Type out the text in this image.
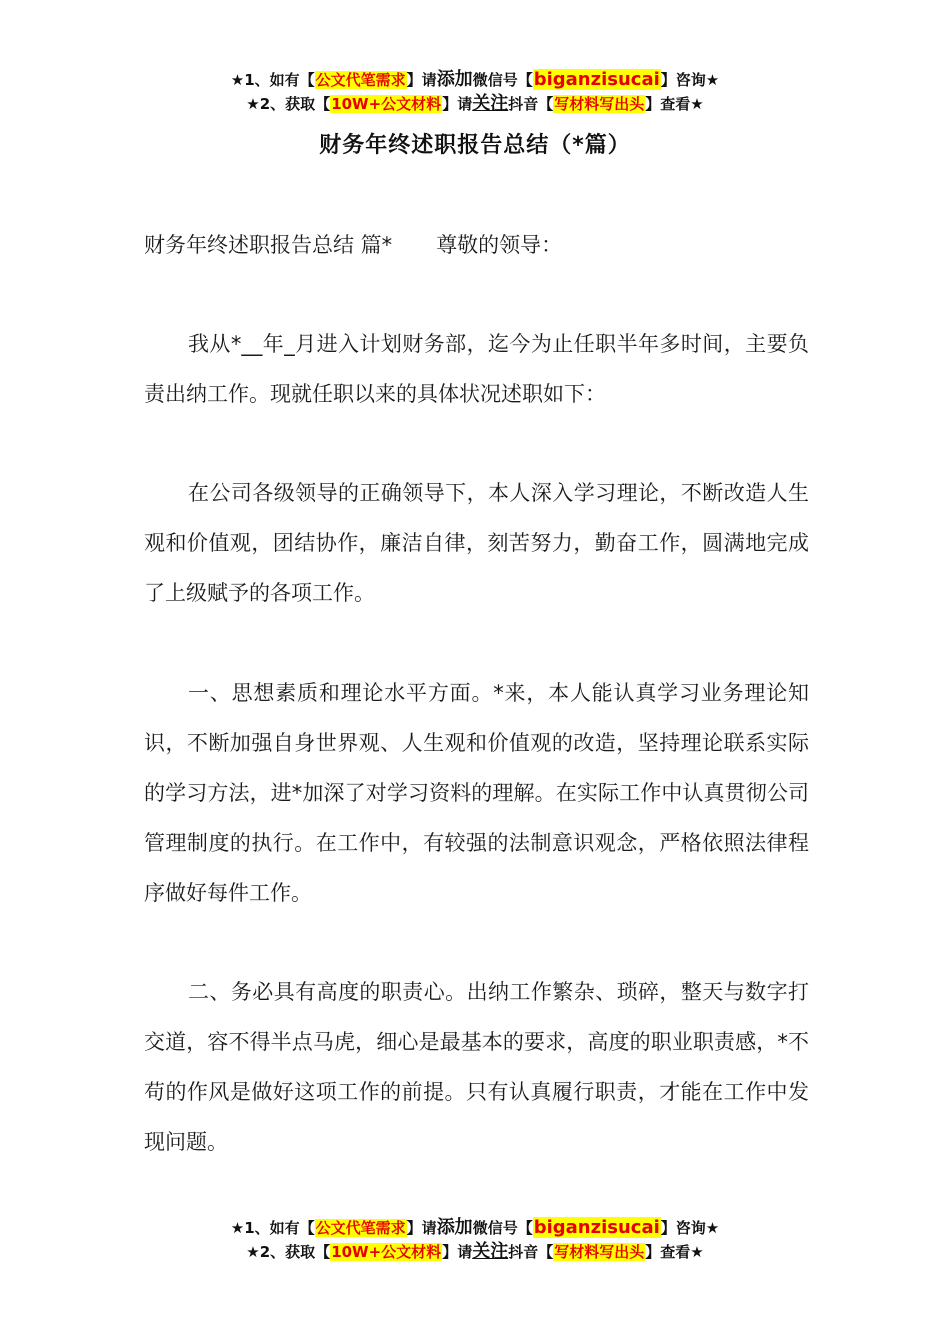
★1、如有【公文代笔需求】请添加微信号【biganzisucai】咨询★
★2、获取【10W+公文材料】请关注抖音【写材料写出头】查看★
财务年终述职报告总结（*篇）
财务年终述职报告总结 篇* 尊敬的领导：

我从*__年_月进入计划财务部，迄今为止任职半年多时间，主要负责出纳工作。现就任职以来的具体状况述职如下：

在公司各级领导的正确领导下，本人深入学习理论，不断改造人生观和价值观，团结协作，廉洁自律，刻苦努力，勤奋工作，圆满地完成了上级赋予的各项工作。

一、思想素质和理论水平方面。*来，本人能认真学习业务理论知识，不断加强自身世界观、人生观和价值观的改造，坚持理论联系实际的学习方法，进*加深了对学习资料的理解。在实际工作中认真贯彻公司管理制度的执行。在工作中，有较强的法制意识观念，严格依照法律程序做好每件工作。

二、务必具有高度的职责心。出纳工作繁杂、琐碎，整天与数字打交道，容不得半点马虎，细心是最基本的要求，高度的职业职责感，*不苟的作风是做好这项工作的前提。只有认真履行职责，才能在工作中发现问题。

★1、如有【公文代笔需求】请添加微信号【biganzisucai】咨询★
★2、获取【10W+公文材料】请关注抖音【写材料写出头】查看★
